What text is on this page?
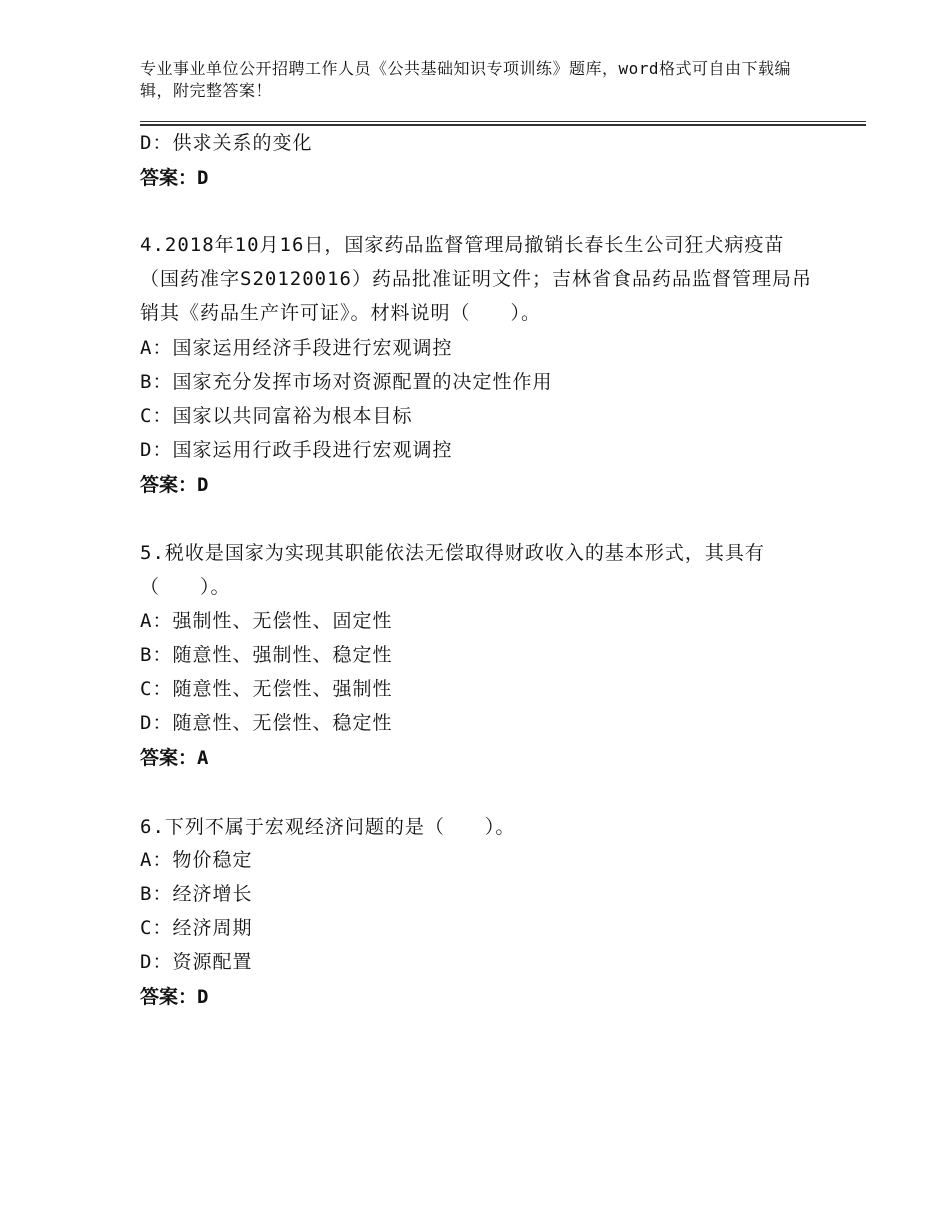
专业事业单位公开招聘工作人员《公共基础知识专项训练》题库，word格式可自由下载编辑，附完整答案！
D：供求关系的变化
答案：D
4.2018年10月16日，国家药品监督管理局撤销长春长生公司狂犬病疫苗（国药准字S20120016）药品批准证明文件；吉林省食品药品监督管理局吊销其《药品生产许可证》。材料说明（　　）。
A：国家运用经济手段进行宏观调控
B：国家充分发挥市场对资源配置的决定性作用
C：国家以共同富裕为根本目标
D：国家运用行政手段进行宏观调控
答案：D
5.税收是国家为实现其职能依法无偿取得财政收入的基本形式，其具有（　　）。
A：强制性、无偿性、固定性
B：随意性、强制性、稳定性
C：随意性、无偿性、强制性
D：随意性、无偿性、稳定性
答案：A
6.下列不属于宏观经济问题的是（　　）。
A：物价稳定
B：经济增长
C：经济周期
D：资源配置
答案：D
